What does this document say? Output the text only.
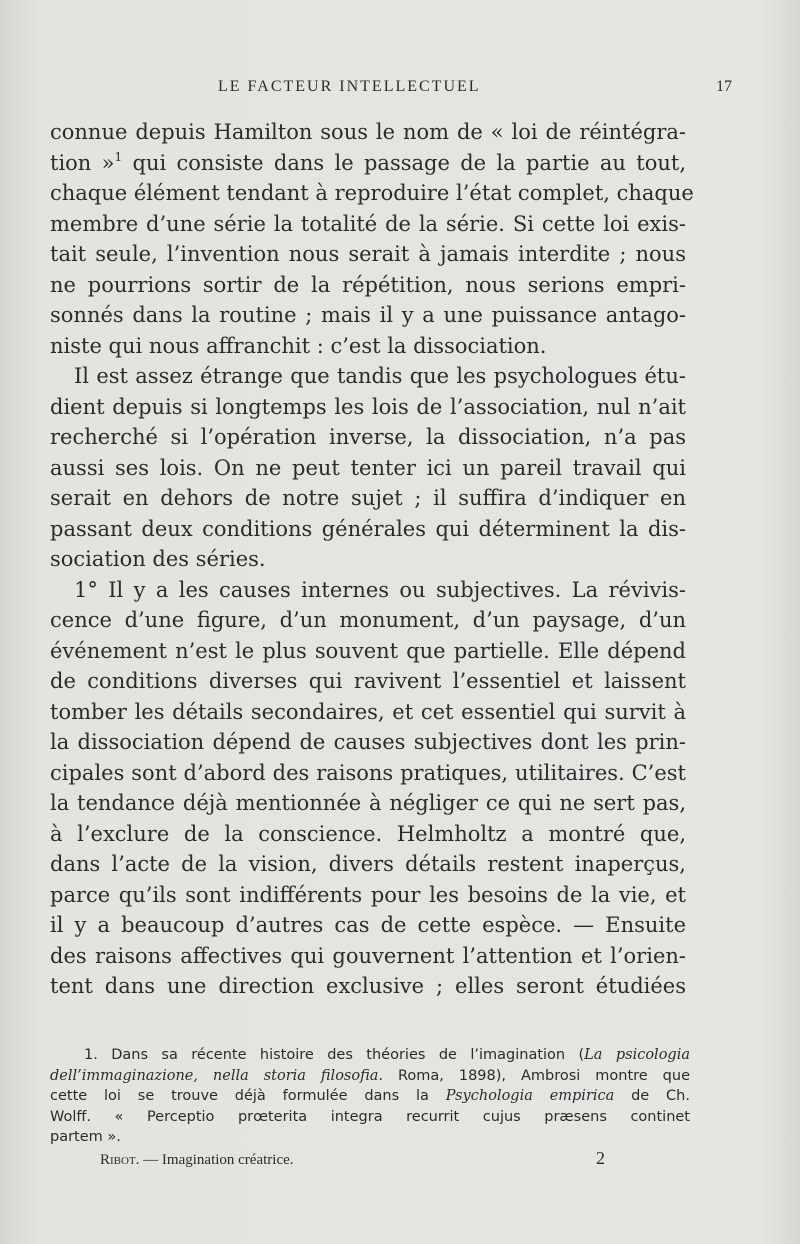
LE FACTEUR INTELLECTUEL	17
connue depuis Hamilton sous le nom de « loi de réintégra-
tion »$^1$ qui consiste dans le passage de la partie au tout,
chaque élément tendant à reproduire l’état complet, chaque
membre d’une série la totalité de la série. Si cette loi exis-
tait seule, l’invention nous serait à jamais interdite ; nous
ne pourrions sortir de la répétition, nous serions empri-
sonnés dans la routine ; mais il y a une puissance antago-
niste qui nous affranchit : c’est la dissociation.
Il est assez étrange que tandis que les psychologues étu-
dient depuis si longtemps les lois de l’association, nul n’ait
recherché si l’opération inverse, la dissociation, n’a pas
aussi ses lois. On ne peut tenter ici un pareil travail qui
serait en dehors de notre sujet ; il suffira d’indiquer en
passant deux conditions générales qui déterminent la dis-
sociation des séries.
1° Il y a les causes internes ou subjectives. La révivis-
cence d’une figure, d’un monument, d’un paysage, d’un
événement n’est le plus souvent que partielle. Elle dépend
de conditions diverses qui ravivent l’essentiel et laissent
tomber les détails secondaires, et cet essentiel qui survit à
la dissociation dépend de causes subjectives dont les prin-
cipales sont d’abord des raisons pratiques, utilitaires. C’est
la tendance déjà mentionnée à négliger ce qui ne sert pas,
à l’exclure de la conscience. Helmholtz a montré que,
dans l’acte de la vision, divers détails restent inaperçus,
parce qu’ils sont indifférents pour les besoins de la vie, et
il y a beaucoup d’autres cas de cette espèce. — Ensuite
des raisons affectives qui gouvernent l’attention et l’orien-
tent dans une direction exclusive ; elles seront étudiées
1. Dans sa récente histoire des théories de l’imagination (La psicologia
dell’immaginazione, nella storia filosofia. Roma, 1898), Ambrosi montre que
cette loi se trouve déjà formulée dans la Psychologia empirica de Ch.
Wolff. « Perceptio prœterita integra recurrit cujus præsens continet
partem ».
Ribot. — Imagination créatrice.	2
